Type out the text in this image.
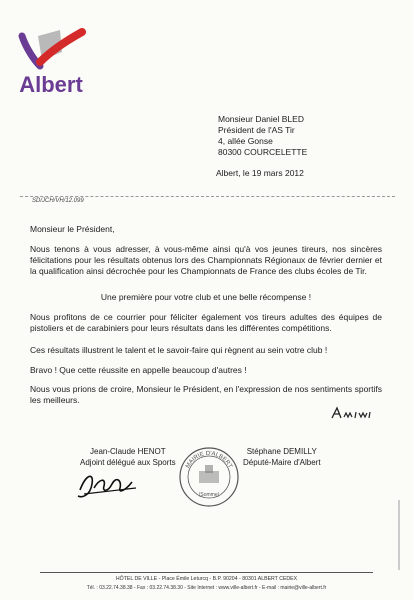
Albert
Monsieur Daniel BLED
Président de l'AS Tir
4, allée Gonse
80300 COURCELETTE
Albert, le 19 mars 2012
SD/JCH/VH/12.099
Monsieur le Président,
Nous tenons à vous adresser, à vous-même ainsi qu'à vos jeunes tireurs, nos sincères félicitations pour les résultats obtenus lors des Championnats Régionaux de février dernier et la qualification ainsi décrochée pour les Championnats de France des clubs écoles de Tir.
Une première pour votre club et une belle récompense !
Nous profitons de ce courrier pour féliciter également vos tireurs adultes des équipes de pistoliers et de carabiniers pour leurs résultats dans les différentes compétitions.
Ces résultats illustrent le talent et le savoir-faire qui règnent au sein votre club !
Bravo ! Que cette réussite en appelle beaucoup d'autres !
Nous vous prions de croire, Monsieur le Président, en l'expression de nos sentiments sportifs les meilleurs.
Jean-Claude HENOT
Adjoint délégué aux Sports
Stéphane DEMILLY
Député-Maire d'Albert
MAIRIE D'ALBERT
(Somme)
HÔTEL DE VILLE - Place Émile Leturcq - B.P. 90204 - 80301 ALBERT CEDEX
Tél. : 03.22.74.38.38 - Fax : 03.22.74.38.30 - Site Internet : www.ville-albert.fr - E-mail : mairie@ville-albert.fr
